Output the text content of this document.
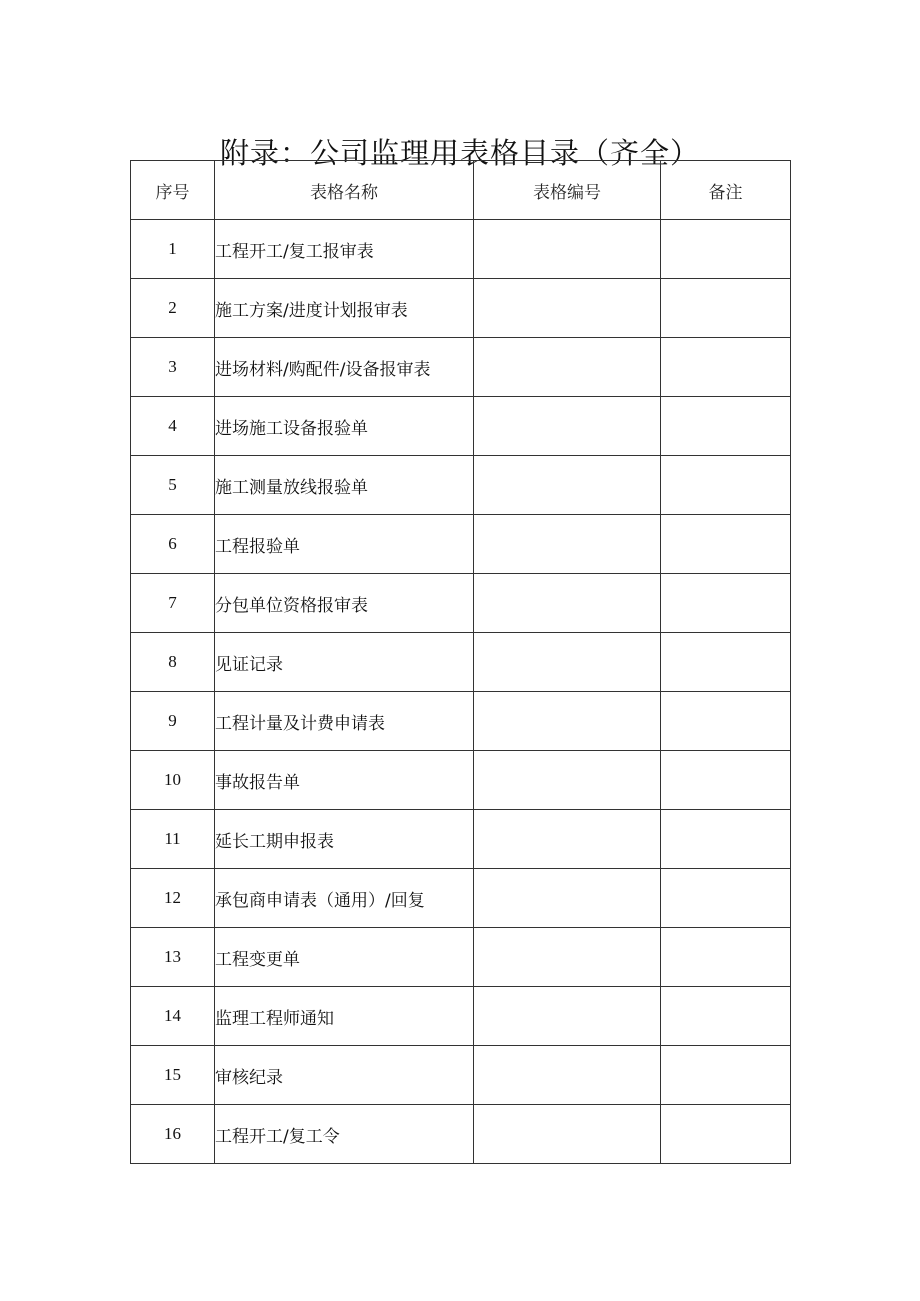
附录：公司监理用表格目录（齐全）
序号	表格名称	表格编号	备注
1	工程开工/复工报审表		
2	施工方案/进度计划报审表		
3	进场材料/购配件/设备报审表		
4	进场施工设备报验单		
5	施工测量放线报验单		
6	工程报验单		
7	分包单位资格报审表		
8	见证记录		
9	工程计量及计费申请表		
10	事故报告单		
11	延长工期申报表		
12	承包商申请表（通用）/回复		
13	工程变更单		
14	监理工程师通知		
15	审核纪录		
16	工程开工/复工令		
